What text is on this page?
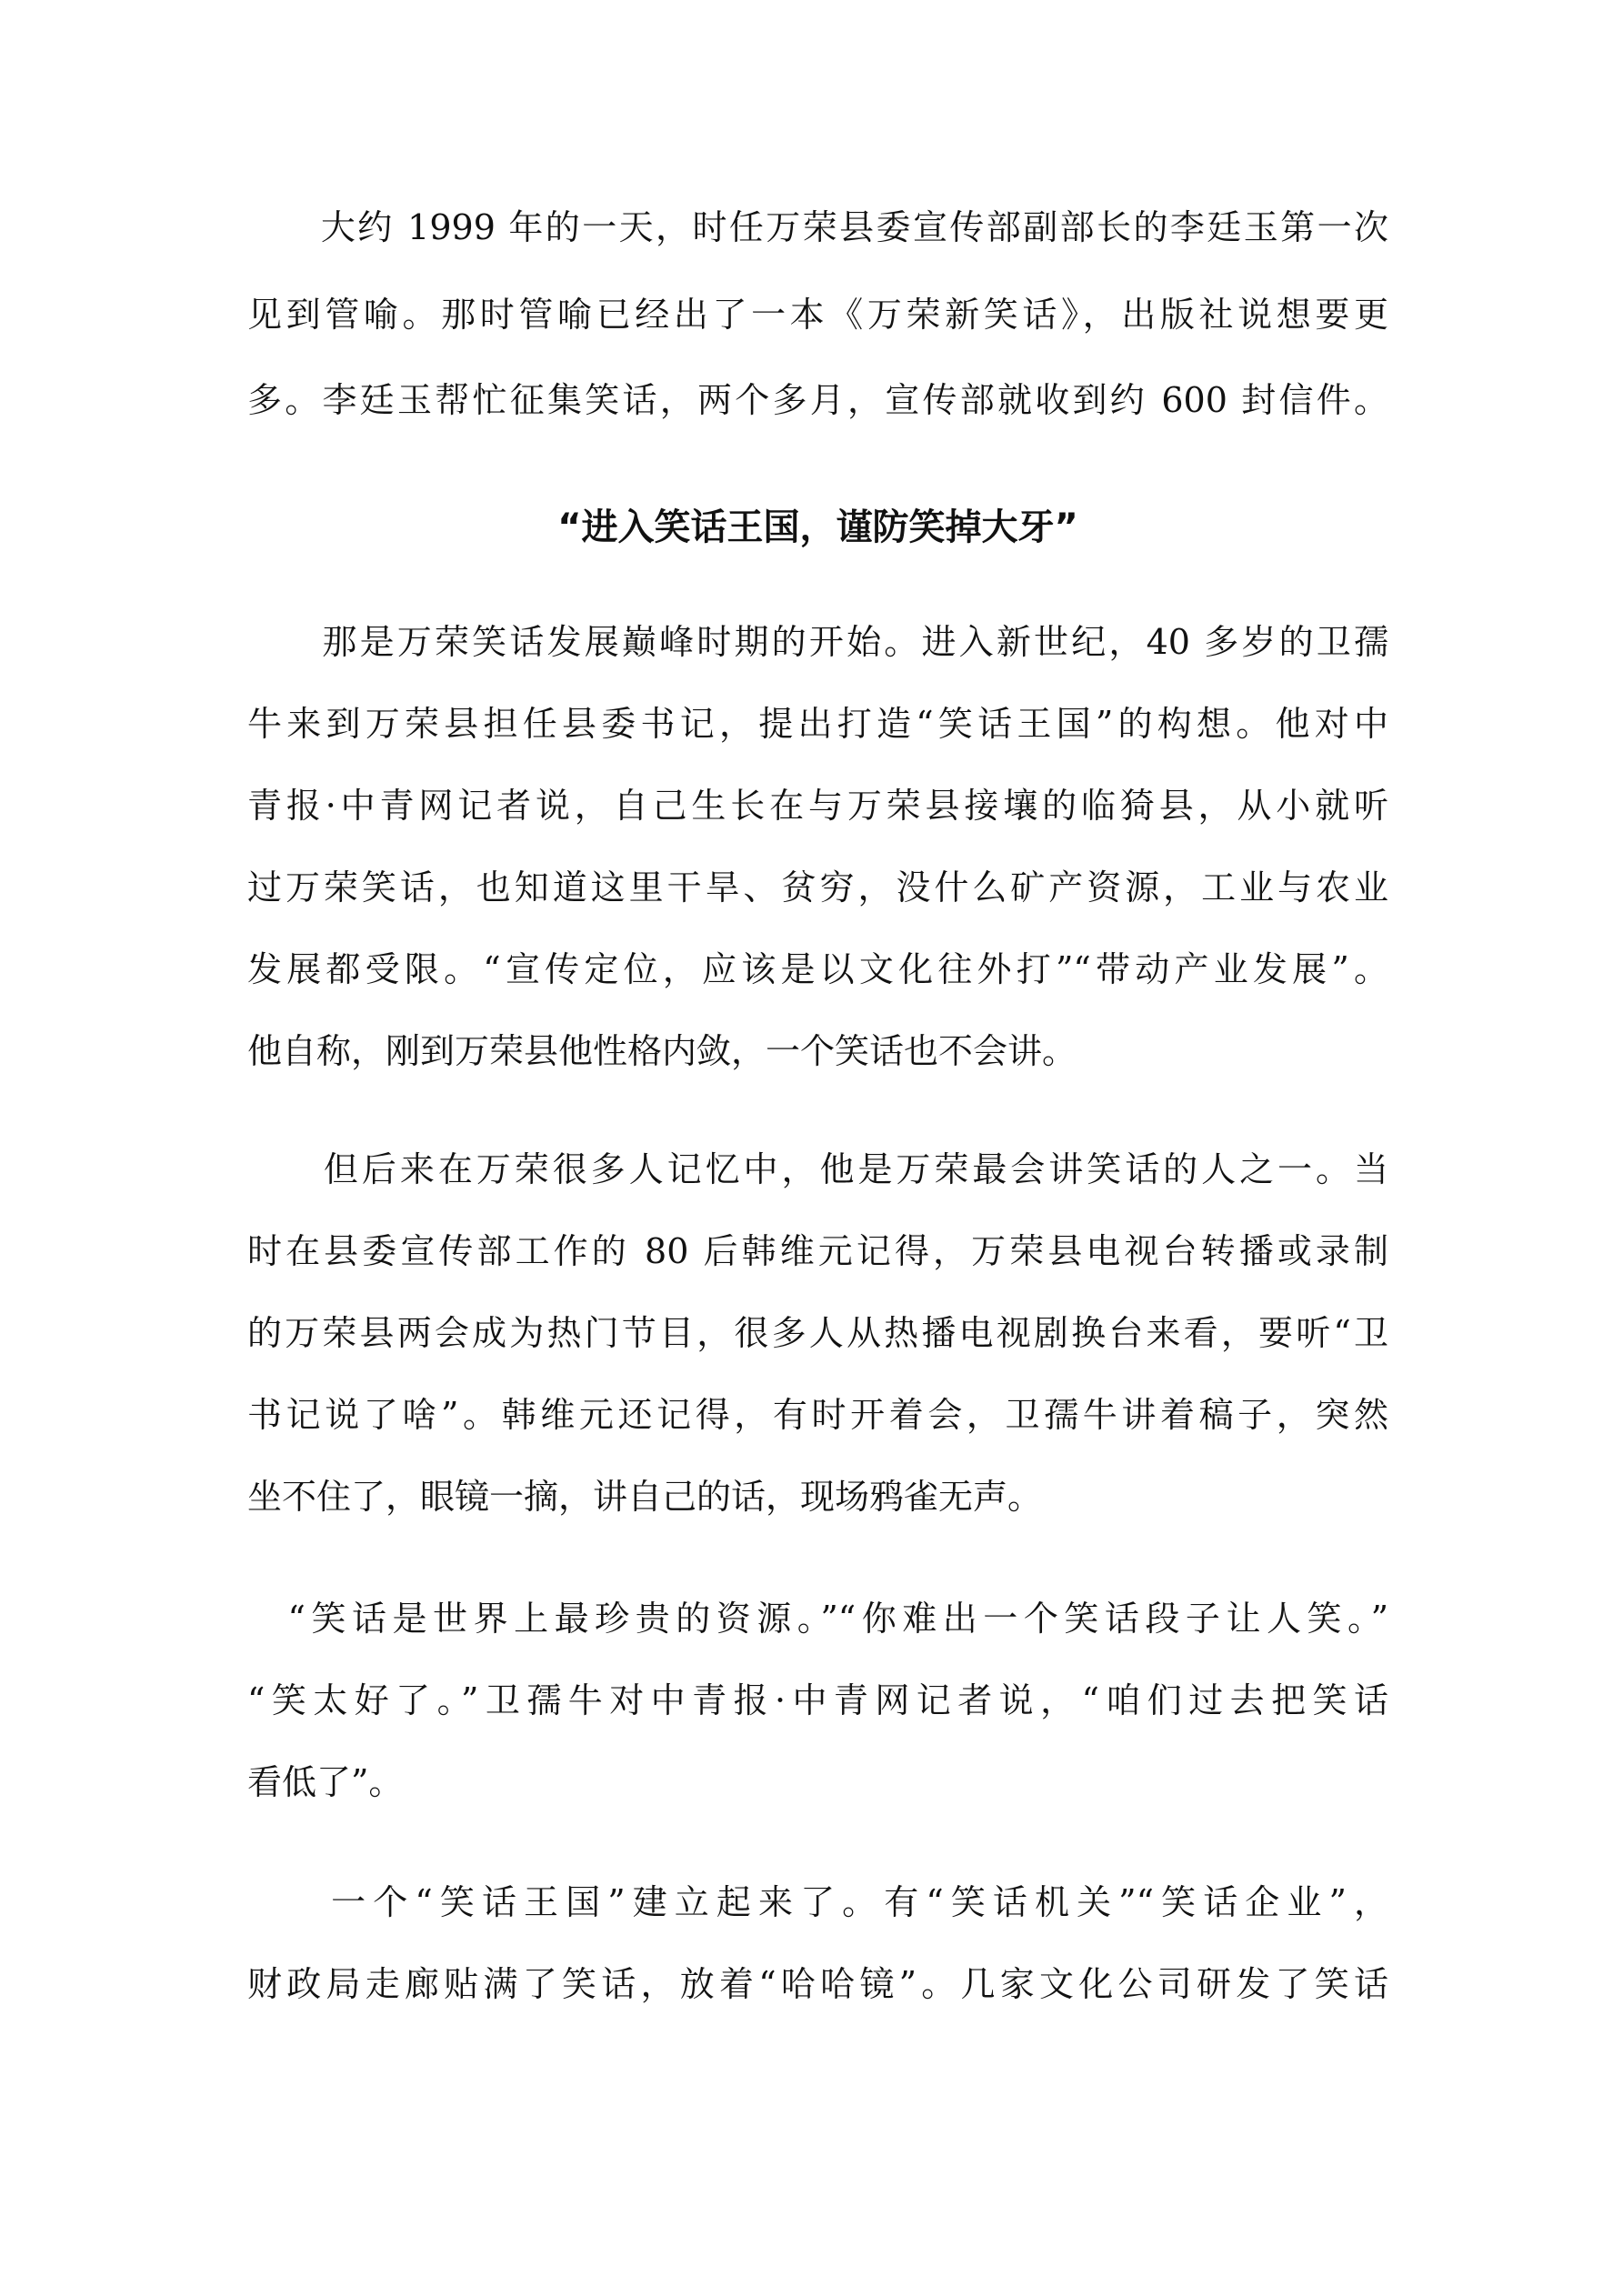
　　大约 1999 年的一天，时任万荣县委宣传部副部长的李廷玉第一次
见到管喻。那时管喻已经出了一本《万荣新笑话》，出版社说想要更
多。李廷玉帮忙征集笑话，两个多月，宣传部就收到约 600 封信件。
“进入笑话王国，谨防笑掉大牙”
　　那是万荣笑话发展巅峰时期的开始。进入新世纪，40 多岁的卫孺
牛来到万荣县担任县委书记，提出打造“笑话王国”的构想。他对中
青报·中青网记者说，自己生长在与万荣县接壤的临猗县，从小就听
过万荣笑话，也知道这里干旱、贫穷，没什么矿产资源，工业与农业
发展都受限。“宣传定位，应该是以文化往外打”“带动产业发展”。
他自称，刚到万荣县他性格内敛，一个笑话也不会讲。
　　但后来在万荣很多人记忆中，他是万荣最会讲笑话的人之一。当
时在县委宣传部工作的 80 后韩维元记得，万荣县电视台转播或录制
的万荣县两会成为热门节目，很多人从热播电视剧换台来看，要听“卫
书记说了啥”。韩维元还记得，有时开着会，卫孺牛讲着稿子，突然
坐不住了，眼镜一摘，讲自己的话，现场鸦雀无声。
　“笑话是世界上最珍贵的资源。”“你难出一个笑话段子让人笑。”
“笑太好了。”卫孺牛对中青报·中青网记者说，“咱们过去把笑话
看低了”。
　　一个“笑话王国”建立起来了。有“笑话机关”“笑话企业”，
财政局走廊贴满了笑话，放着“哈哈镜”。几家文化公司研发了笑话
